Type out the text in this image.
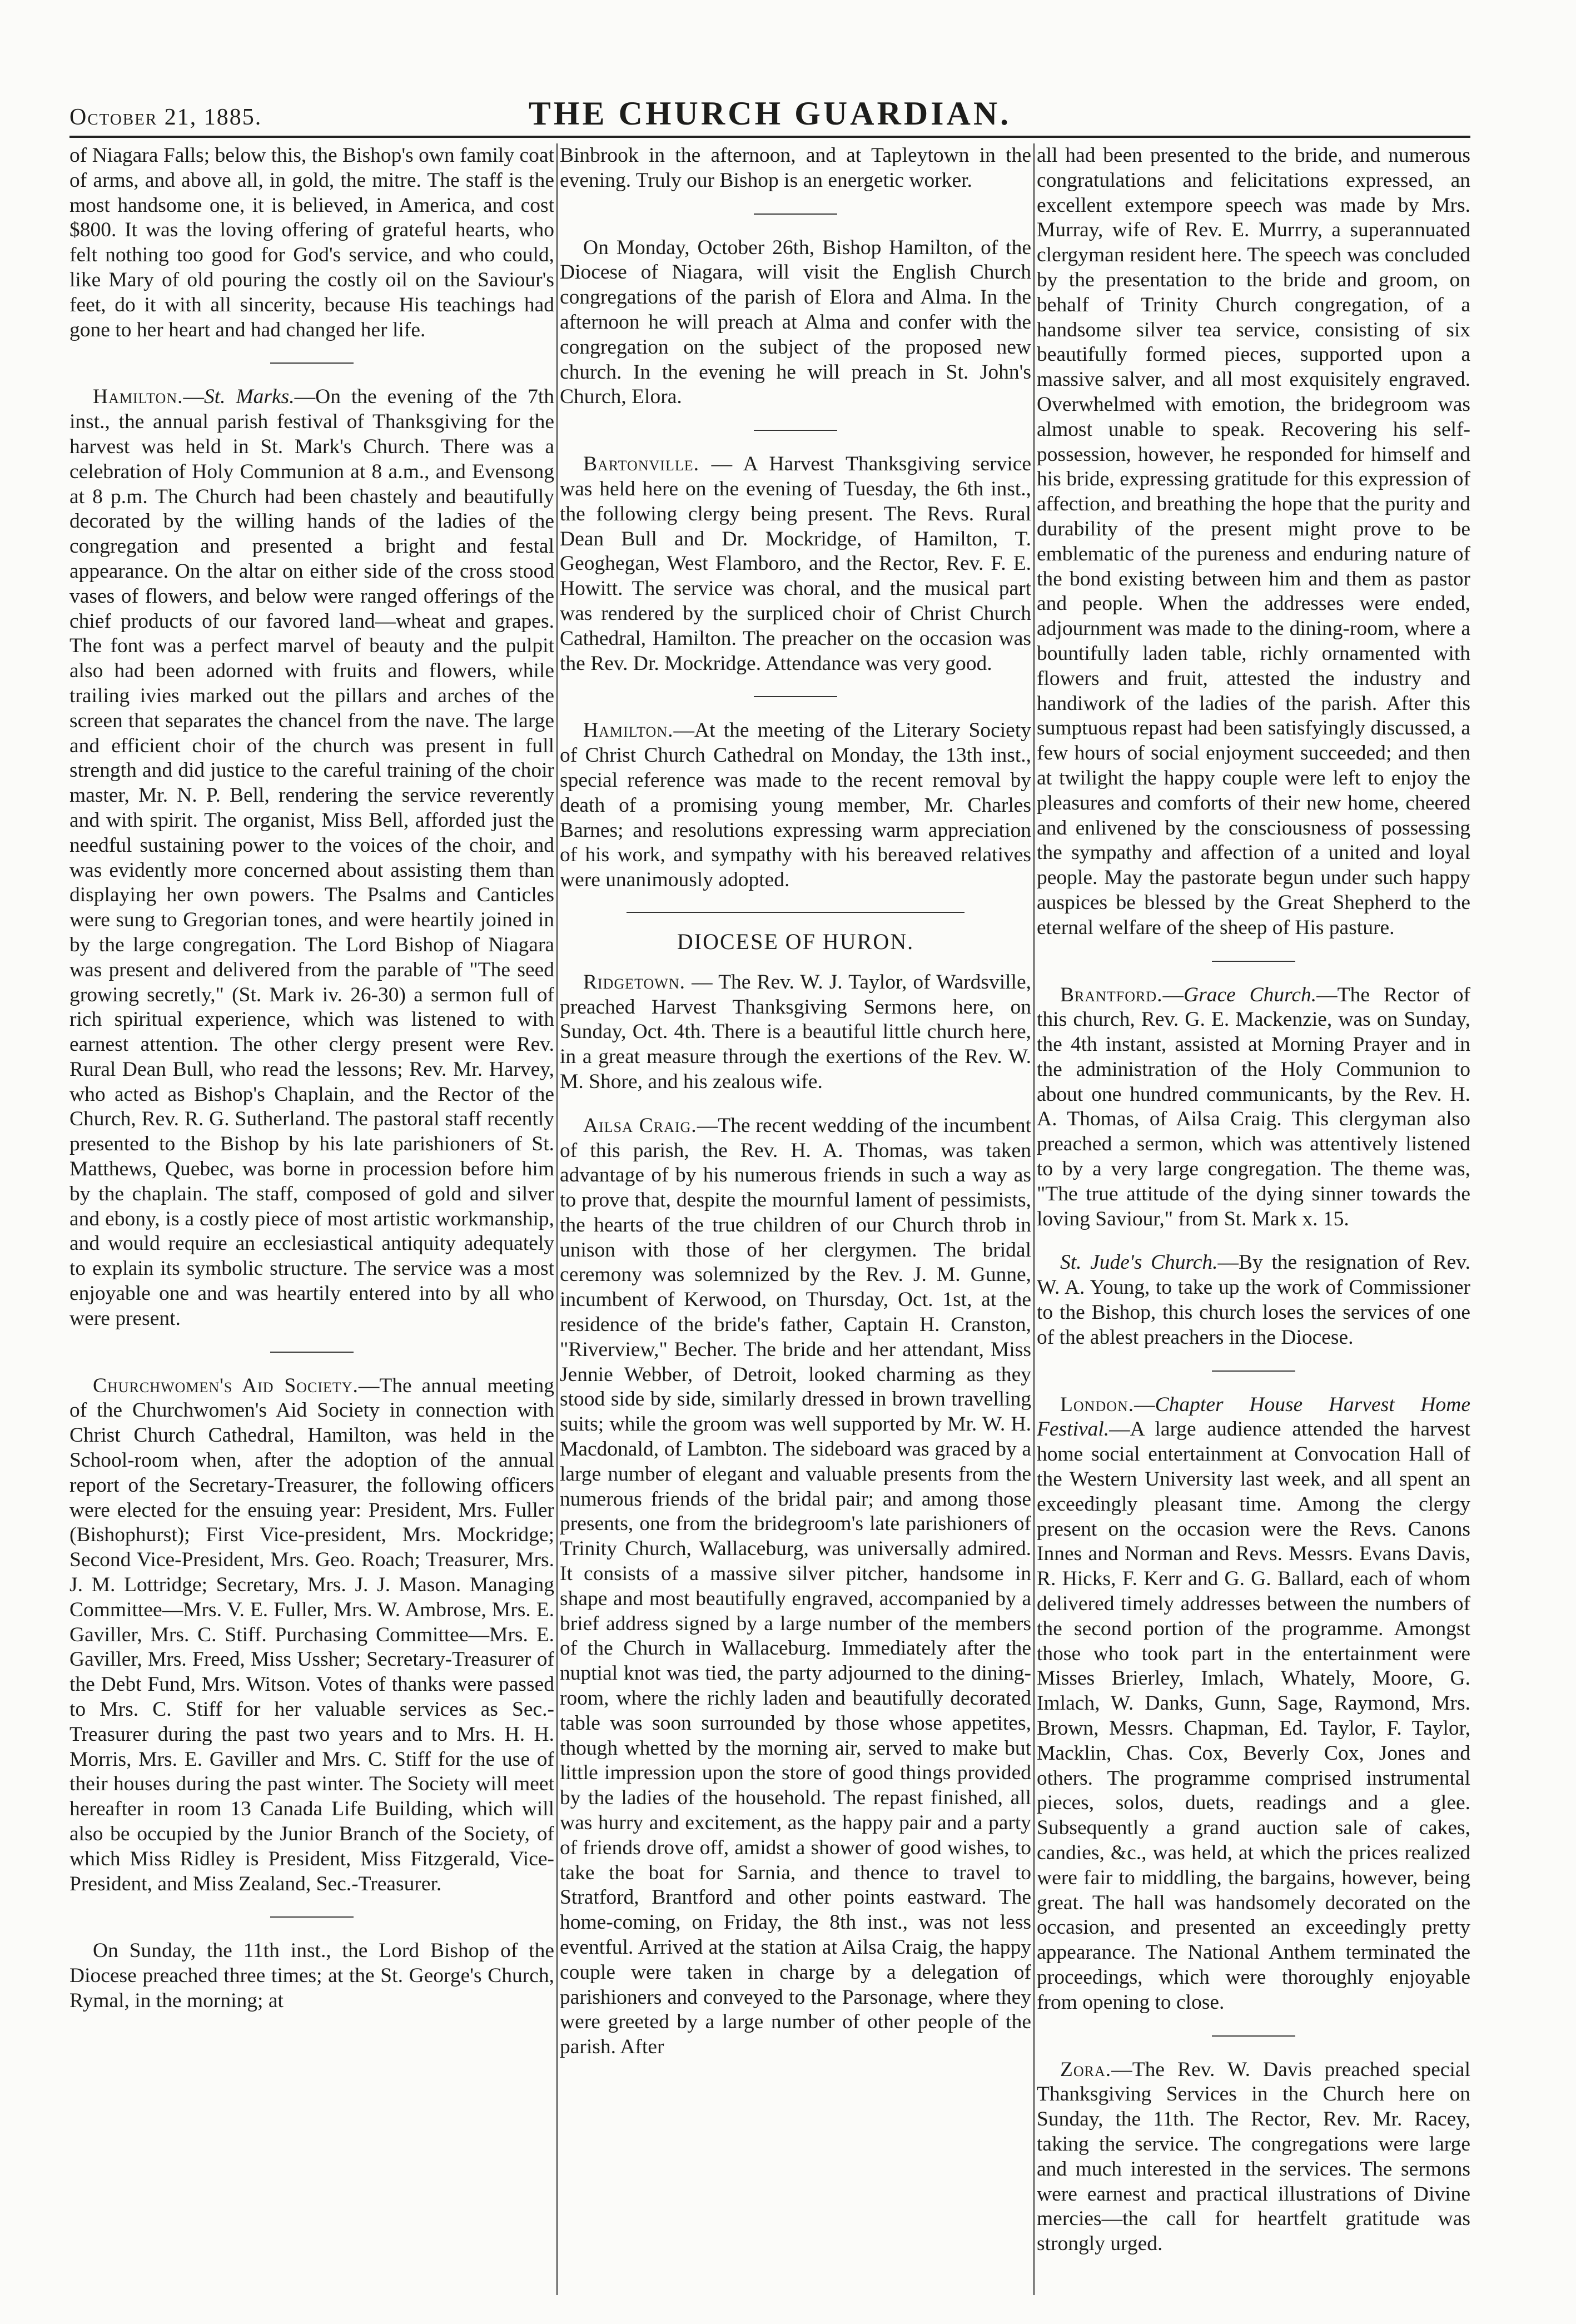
October 21, 1885.	THE CHURCH GUARDIAN.

of Niagara Falls; below this, the Bishop's own family coat of arms, and above all, in gold, the mitre. The staff is the most handsome one, it is believed, in America, and cost $800. It was the loving offering of grateful hearts, who felt nothing too good for God's service, and who could, like Mary of old pouring the costly oil on the Saviour's feet, do it with all sincerity, because His teachings had gone to her heart and had changed her life.

Hamilton.—St. Marks.—On the evening of the 7th inst., the annual parish festival of Thanksgiving for the harvest was held in St. Mark's Church. There was a celebration of Holy Communion at 8 a.m., and Evensong at 8 p.m. The Church had been chastely and beautifully decorated by the willing hands of the ladies of the congregation and presented a bright and festal appearance. On the altar on either side of the cross stood vases of flowers, and below were ranged offerings of the chief products of our favored land—wheat and grapes. The font was a perfect marvel of beauty and the pulpit also had been adorned with fruits and flowers, while trailing ivies marked out the pillars and arches of the screen that separates the chancel from the nave. The large and efficient choir of the church was present in full strength and did justice to the careful training of the choir master, Mr. N. P. Bell, rendering the service reverently and with spirit. The organist, Miss Bell, afforded just the needful sustaining power to the voices of the choir, and was evidently more concerned about assisting them than displaying her own powers. The Psalms and Canticles were sung to Gregorian tones, and were heartily joined in by the large congregation. The Lord Bishop of Niagara was present and delivered from the parable of "The seed growing secretly," (St. Mark iv. 26-30) a sermon full of rich spiritual experience, which was listened to with earnest attention. The other clergy present were Rev. Rural Dean Bull, who read the lessons; Rev. Mr. Harvey, who acted as Bishop's Chaplain, and the Rector of the Church, Rev. R. G. Sutherland. The pastoral staff recently presented to the Bishop by his late parishioners of St. Matthews, Quebec, was borne in procession before him by the chaplain. The staff, composed of gold and silver and ebony, is a costly piece of most artistic workmanship, and would require an ecclesiastical antiquity adequately to explain its symbolic structure. The service was a most enjoyable one and was heartily entered into by all who were present.

Churchwomen's Aid Society.—The annual meeting of the Churchwomen's Aid Society in connection with Christ Church Cathedral, Hamilton, was held in the School-room when, after the adoption of the annual report of the Secretary-Treasurer, the following officers were elected for the ensuing year: President, Mrs. Fuller (Bishophurst); First Vice-president, Mrs. Mockridge; Second Vice-President, Mrs. Geo. Roach; Treasurer, Mrs. J. M. Lottridge; Secretary, Mrs. J. J. Mason. Managing Committee—Mrs. V. E. Fuller, Mrs. W. Ambrose, Mrs. E. Gaviller, Mrs. C. Stiff. Purchasing Committee—Mrs. E. Gaviller, Mrs. Freed, Miss Ussher; Secretary-Treasurer of the Debt Fund, Mrs. Witson. Votes of thanks were passed to Mrs. C. Stiff for her valuable services as Sec.-Treasurer during the past two years and to Mrs. H. H. Morris, Mrs. E. Gaviller and Mrs. C. Stiff for the use of their houses during the past winter. The Society will meet hereafter in room 13 Canada Life Building, which will also be occupied by the Junior Branch of the Society, of which Miss Ridley is President, Miss Fitzgerald, Vice-President, and Miss Zealand, Sec.-Treasurer.

On Sunday, the 11th inst., the Lord Bishop of the Diocese preached three times; at the St. George's Church, Rymal, in the morning; at

Binbrook in the afternoon, and at Tapleytown in the evening. Truly our Bishop is an energetic worker.

On Monday, October 26th, Bishop Hamilton, of the Diocese of Niagara, will visit the English Church congregations of the parish of Elora and Alma. In the afternoon he will preach at Alma and confer with the congregation on the subject of the proposed new church. In the evening he will preach in St. John's Church, Elora.

Bartonville. — A Harvest Thanksgiving service was held here on the evening of Tuesday, the 6th inst., the following clergy being present. The Revs. Rural Dean Bull and Dr. Mockridge, of Hamilton, T. Geoghegan, West Flamboro, and the Rector, Rev. F. E. Howitt. The service was choral, and the musical part was rendered by the surpliced choir of Christ Church Cathedral, Hamilton. The preacher on the occasion was the Rev. Dr. Mockridge. Attendance was very good.

Hamilton.—At the meeting of the Literary Society of Christ Church Cathedral on Monday, the 13th inst., special reference was made to the recent removal by death of a promising young member, Mr. Charles Barnes; and resolutions expressing warm appreciation of his work, and sympathy with his bereaved relatives were unanimously adopted.

DIOCESE OF HURON.

Ridgetown. — The Rev. W. J. Taylor, of Wardsville, preached Harvest Thanksgiving Sermons here, on Sunday, Oct. 4th. There is a beautiful little church here, in a great measure through the exertions of the Rev. W. M. Shore, and his zealous wife.

Ailsa Craig.—The recent wedding of the incumbent of this parish, the Rev. H. A. Thomas, was taken advantage of by his numerous friends in such a way as to prove that, despite the mournful lament of pessimists, the hearts of the true children of our Church throb in unison with those of her clergymen. The bridal ceremony was solemnized by the Rev. J. M. Gunne, incumbent of Kerwood, on Thursday, Oct. 1st, at the residence of the bride's father, Captain H. Cranston, "Riverview," Becher. The bride and her attendant, Miss Jennie Webber, of Detroit, looked charming as they stood side by side, similarly dressed in brown travelling suits; while the groom was well supported by Mr. W. H. Macdonald, of Lambton. The sideboard was graced by a large number of elegant and valuable presents from the numerous friends of the bridal pair; and among those presents, one from the bridegroom's late parishioners of Trinity Church, Wallaceburg, was universally admired. It consists of a massive silver pitcher, handsome in shape and most beautifully engraved, accompanied by a brief address signed by a large number of the members of the Church in Wallaceburg. Immediately after the nuptial knot was tied, the party adjourned to the dining-room, where the richly laden and beautifully decorated table was soon surrounded by those whose appetites, though whetted by the morning air, served to make but little impression upon the store of good things provided by the ladies of the household. The repast finished, all was hurry and excitement, as the happy pair and a party of friends drove off, amidst a shower of good wishes, to take the boat for Sarnia, and thence to travel to Stratford, Brantford and other points eastward. The home-coming, on Friday, the 8th inst., was not less eventful. Arrived at the station at Ailsa Craig, the happy couple were taken in charge by a delegation of parishioners and conveyed to the Parsonage, where they were greeted by a large number of other people of the parish. After

all had been presented to the bride, and numerous congratulations and felicitations expressed, an excellent extempore speech was made by Mrs. Murray, wife of Rev. E. Murrry, a superannuated clergyman resident here. The speech was concluded by the presentation to the bride and groom, on behalf of Trinity Church congregation, of a handsome silver tea service, consisting of six beautifully formed pieces, supported upon a massive salver, and all most exquisitely engraved. Overwhelmed with emotion, the bridegroom was almost unable to speak. Recovering his self-possession, however, he responded for himself and his bride, expressing gratitude for this expression of affection, and breathing the hope that the purity and durability of the present might prove to be emblematic of the pureness and enduring nature of the bond existing between him and them as pastor and people. When the addresses were ended, adjournment was made to the dining-room, where a bountifully laden table, richly ornamented with flowers and fruit, attested the industry and handiwork of the ladies of the parish. After this sumptuous repast had been satisfyingly discussed, a few hours of social enjoyment succeeded; and then at twilight the happy couple were left to enjoy the pleasures and comforts of their new home, cheered and enlivened by the consciousness of possessing the sympathy and affection of a united and loyal people. May the pastorate begun under such happy auspices be blessed by the Great Shepherd to the eternal welfare of the sheep of His pasture.

Brantford.—Grace Church.—The Rector of this church, Rev. G. E. Mackenzie, was on Sunday, the 4th instant, assisted at Morning Prayer and in the administration of the Holy Communion to about one hundred communicants, by the Rev. H. A. Thomas, of Ailsa Craig. This clergyman also preached a sermon, which was attentively listened to by a very large congregation. The theme was, "The true attitude of the dying sinner towards the loving Saviour," from St. Mark x. 15.

St. Jude's Church.—By the resignation of Rev. W. A. Young, to take up the work of Commissioner to the Bishop, this church loses the services of one of the ablest preachers in the Diocese.

London.—Chapter House Harvest Home Festival.—A large audience attended the harvest home social entertainment at Convocation Hall of the Western University last week, and all spent an exceedingly pleasant time. Among the clergy present on the occasion were the Revs. Canons Innes and Norman and Revs. Messrs. Evans Davis, R. Hicks, F. Kerr and G. G. Ballard, each of whom delivered timely addresses between the numbers of the second portion of the programme. Amongst those who took part in the entertainment were Misses Brierley, Imlach, Whately, Moore, G. Imlach, W. Danks, Gunn, Sage, Raymond, Mrs. Brown, Messrs. Chapman, Ed. Taylor, F. Taylor, Macklin, Chas. Cox, Beverly Cox, Jones and others. The programme comprised instrumental pieces, solos, duets, readings and a glee. Subsequently a grand auction sale of cakes, candies, &c., was held, at which the prices realized were fair to middling, the bargains, however, being great. The hall was handsomely decorated on the occasion, and presented an exceedingly pretty appearance. The National Anthem terminated the proceedings, which were thoroughly enjoyable from opening to close.

Zora.—The Rev. W. Davis preached special Thanksgiving Services in the Church here on Sunday, the 11th. The Rector, Rev. Mr. Racey, taking the service. The congregations were large and much interested in the services. The sermons were earnest and practical illustrations of Divine mercies—the call for heartfelt gratitude was strongly urged.
